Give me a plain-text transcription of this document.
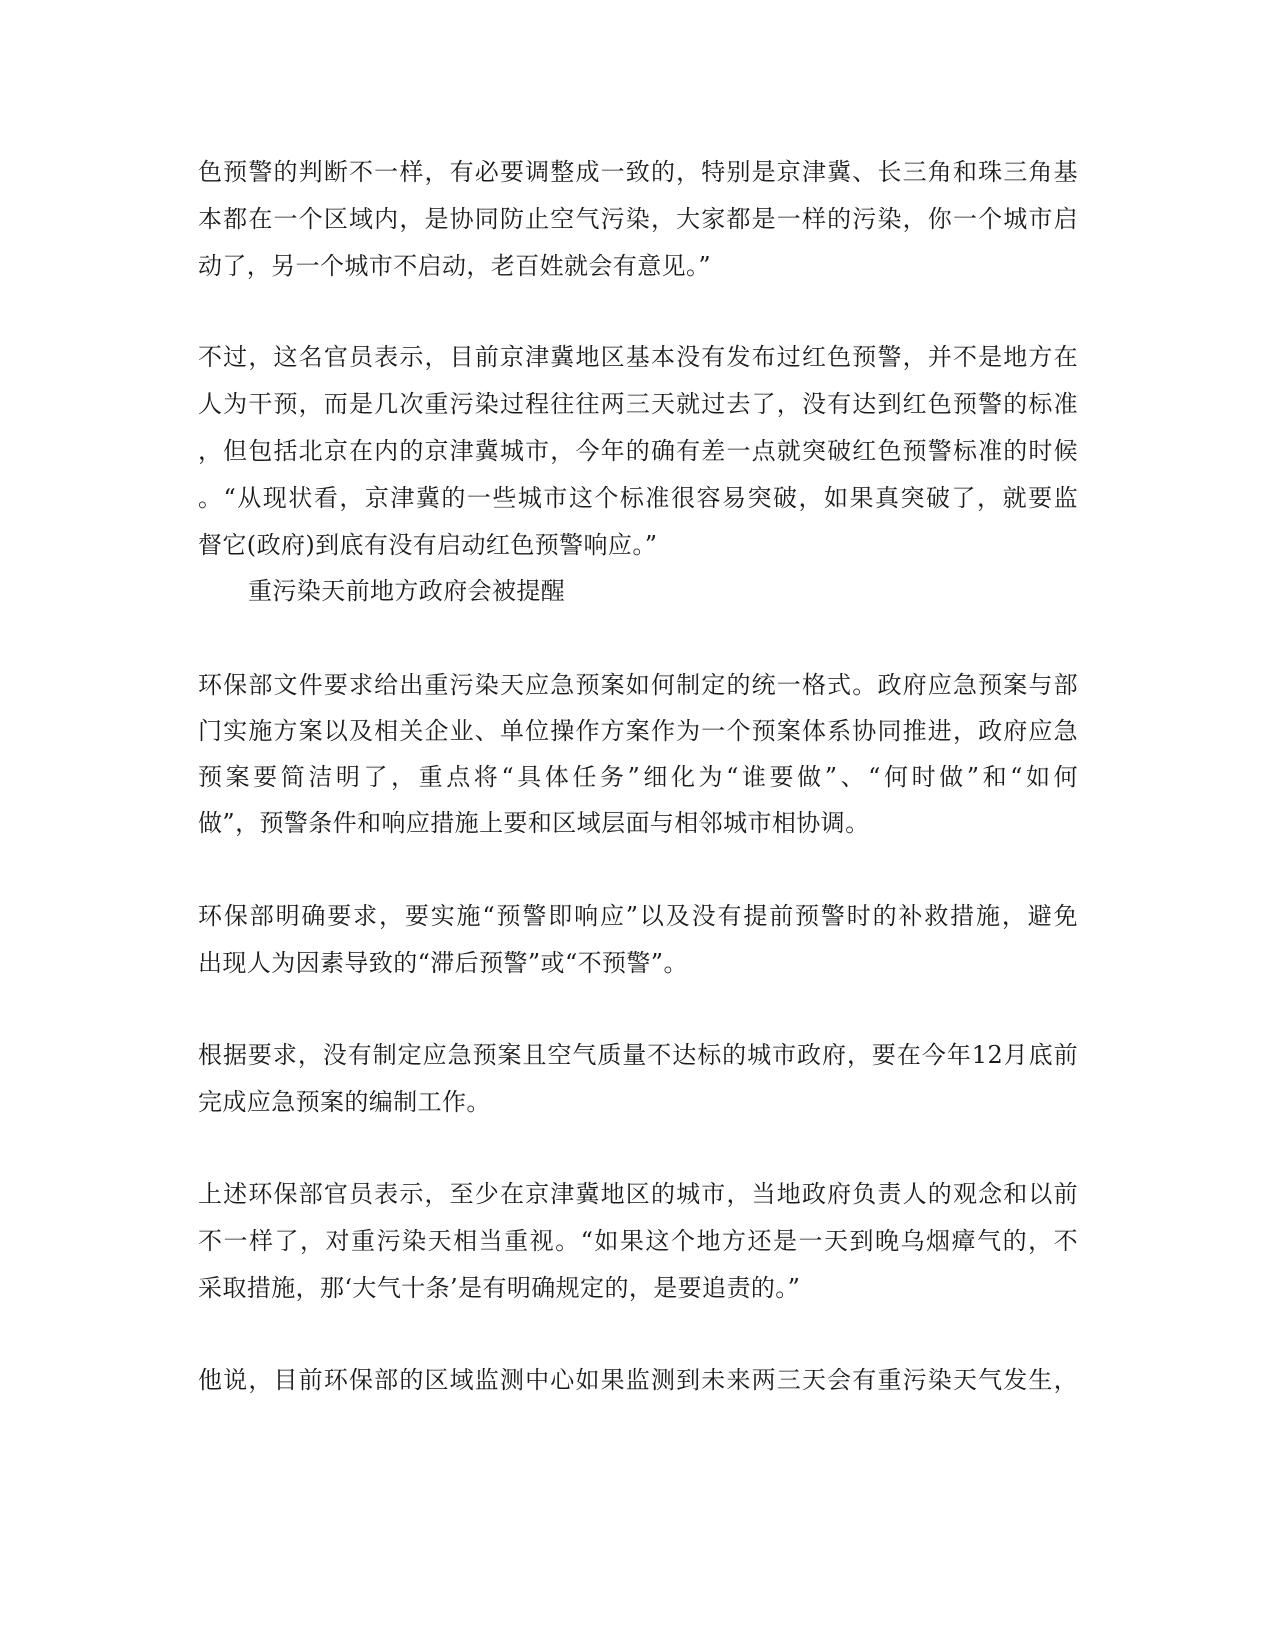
色预警的判断不一样，有必要调整成一致的，特别是京津冀、长三角和珠三角基
本都在一个区域内，是协同防止空气污染，大家都是一样的污染，你一个城市启
动了，另一个城市不启动，老百姓就会有意见。”
不过，这名官员表示，目前京津冀地区基本没有发布过红色预警，并不是地方在
人为干预，而是几次重污染过程往往两三天就过去了，没有达到红色预警的标准
，但包括北京在内的京津冀城市，今年的确有差一点就突破红色预警标准的时候
。“从现状看，京津冀的一些城市这个标准很容易突破，如果真突破了，就要监
督它(政府)到底有没有启动红色预警响应。”
重污染天前地方政府会被提醒
环保部文件要求给出重污染天应急预案如何制定的统一格式。政府应急预案与部
门实施方案以及相关企业、单位操作方案作为一个预案体系协同推进，政府应急
预案要简洁明了，重点将“具体任务”细化为“谁要做”、“何时做”和“如何
做”，预警条件和响应措施上要和区域层面与相邻城市相协调。
环保部明确要求，要实施“预警即响应”以及没有提前预警时的补救措施，避免
出现人为因素导致的“滞后预警”或“不预警”。
根据要求，没有制定应急预案且空气质量不达标的城市政府，要在今年12月底前
完成应急预案的编制工作。
上述环保部官员表示，至少在京津冀地区的城市，当地政府负责人的观念和以前
不一样了，对重污染天相当重视。“如果这个地方还是一天到晚乌烟瘴气的，不
采取措施，那‘大气十条’是有明确规定的，是要追责的。”
他说，目前环保部的区域监测中心如果监测到未来两三天会有重污染天气发生，
